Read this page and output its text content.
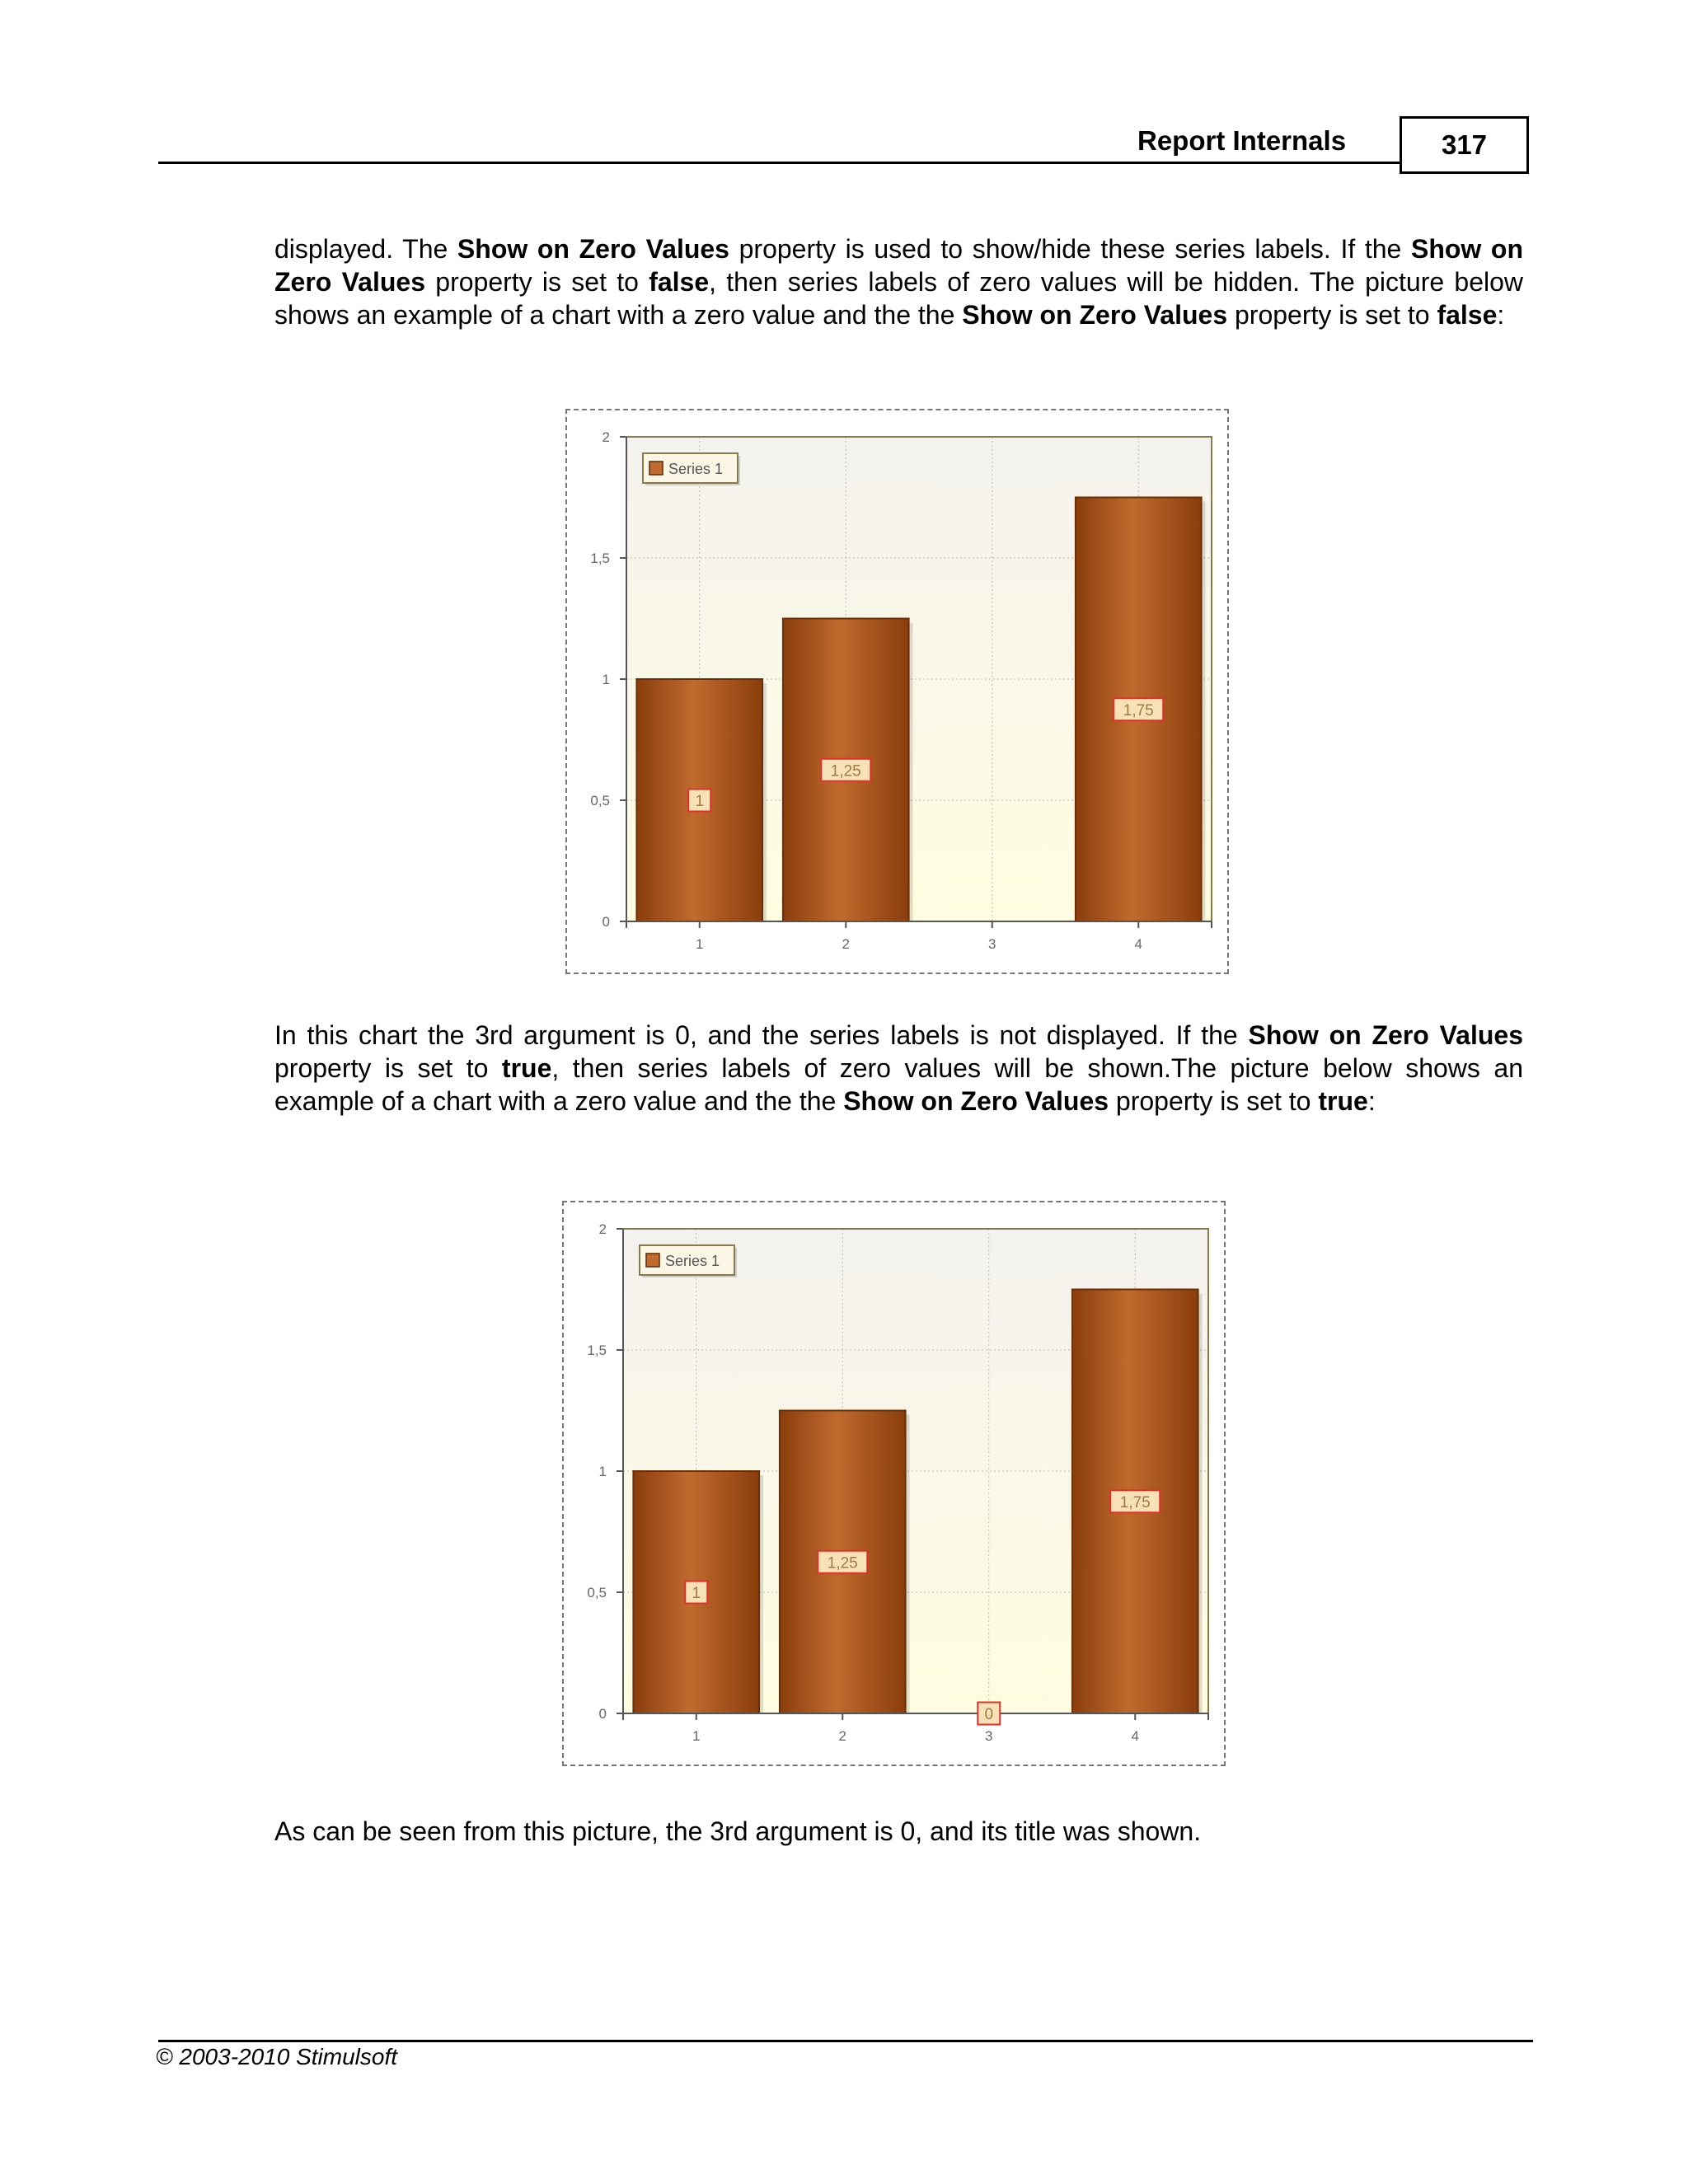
Report Internals	317

displayed. The Show on Zero Values property is used to show/hide these series labels. If the Show on Zero Values property is set to false, then series labels of zero values will be hidden. The picture below shows an example of a chart with a zero value and the the Show on Zero Values property is set to false:

0
0,5
1
1,5
2
1	2	3	4
1
1,25
1,75
Series 1

In this chart the 3rd argument is 0, and the series labels is not displayed. If the Show on Zero Values property is set to true, then series labels of zero values will be shown.The picture below shows an example of a chart with a zero value and the the Show on Zero Values property is set to true:

0
0,5
1
1,5
2
1	2	3	4
1
1,25
0
1,75
Series 1

As can be seen from this picture, the 3rd argument is 0, and its title was shown.

© 2003-2010 Stimulsoft
